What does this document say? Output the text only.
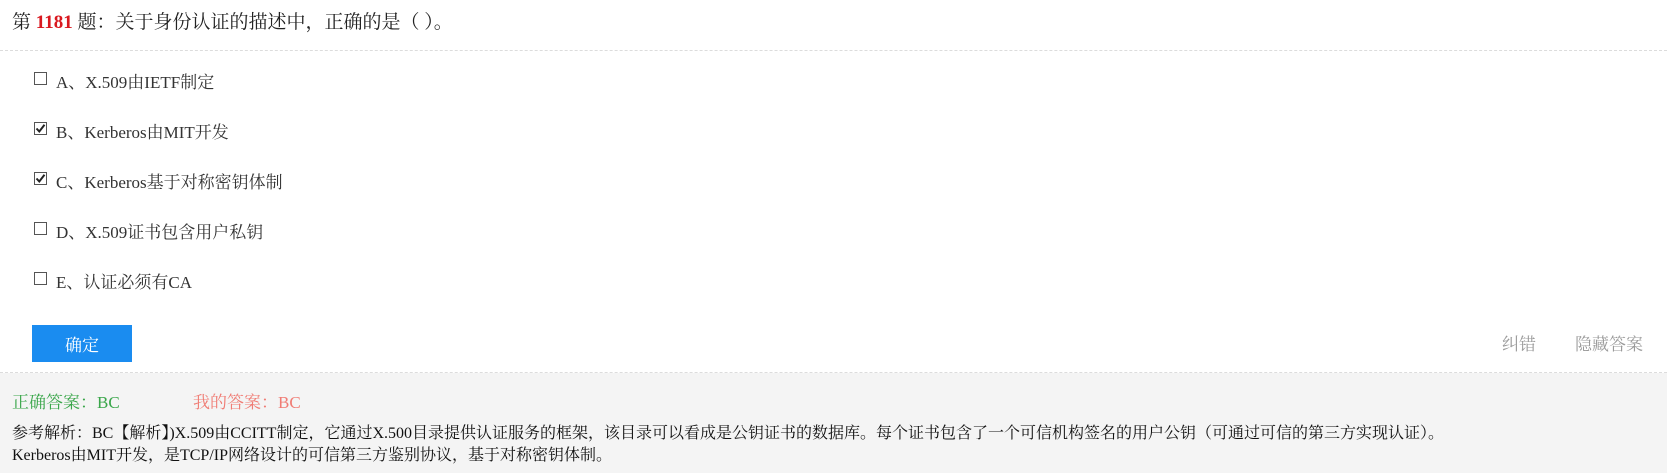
第 1181 题：关于身份认证的描述中，正确的是（ ）。
A、X.509由IETF制定
B、Kerberos由MIT开发
C、Kerberos基于对称密钥体制
D、X.509证书包含用户私钥
E、认证必须有CA
确定	纠错 隐藏答案
正确答案：BC	我的答案：BC
参考解析：BC【解析】)X.509由CCITT制定，它通过X.500目录提供认证服务的框架，该目录可以看成是公钥证书的数据库。每个证书包含了一个可信机构签名的用户公钥（可通过可信的第三方实现认证）。
Kerberos由MIT开发，是TCP/IP网络设计的可信第三方鉴别协议，基于对称密钥体制。
